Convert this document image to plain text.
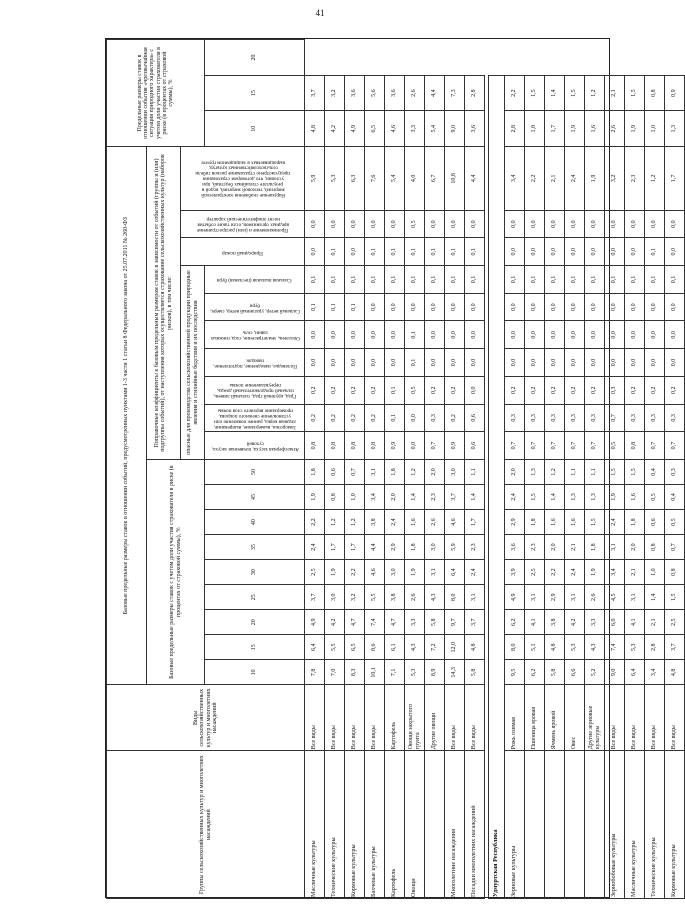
41
Группы сельскохозяйственных культур и многолетних насаждений	Виды сельскохозяйственных культур и многолетних насаждений	Базовые предельные размеры ставок в отношении событий, предусмотренных пунктами 1-3 части 1 статьи 8 Федерального закона от 25.07.2011 № 260-ФЗ																			Предельные размеры ставок в отношении события «чрезвычайная ситуация природного характера» с учетом доли участия страхователя в риске (в процентах от страховой суммы), %		
		Базовые предельные размеры ставок с учетом доли участия страхователя в риске (в процентах от страховой суммы), %									Поправочные коэффициенты к базовым предельным размерам ставок в зависимости от событий (группы и (или) подгруппы событий), от наступления которых осуществляется страхование сельскохозяйственных культур (наборов рисков), в том числе:												
											опасные для производства сельскохозяйственной продукции природные явления и стихийные бедствия и их последствия							Природный пожар	Проникновение и (или) распространение вредных организмов, если такие события носят эпифитотический характер	Нарушение снабжения электрической энергией, тепловой энергией, водой в результате стихийных бедствий, при условии, что договором страхования предусмотрено страхование рисков гибели сельскохозяйственных культур, выращиваемых в защищенном грунте			

		10	15	20	25	30	35	40	45	50	Атмосферная засуха, почвенная засуха, суховей	Заморозки, вымерзание, выпревание, ледяная корка, раннее появление или установление снежного покрова, промерзание верхнего слоя почвы	Град, крупный град, сильный ливень, сильный продолжительный дождь, переувлажнение почвы	Половодье, наводнение, подтопление, паводок	Оползень, землетрясение, сход снежных лавин, сель	Сильный ветер, ураганный ветер, смерч, буря	Сильная пыльная (песчаная) буря				10	15	20
Масличные культуры	Все виды	7,8	6,4	4,9	3,7	2,5	2,4	2,2	1,9	1,8	0,8	0,2	0,2	0,0	0,0	0,1	0,1	0,0	0,0	5,9	4,8	3,7	
Технические культуры	Все виды	7,0	5,5	4,2	3,0	1,9	1,7	1,2	0,8	0,6	0,8	0,2	0,2	0,0	0,0	0,1	0,1	0,1	0,0	5,3	4,2	3,2	
Кормовые культуры	Все виды	8,3	6,5	4,7	3,2	2,2	1,7	1,2	1,0	0,7	0,8	0,2	0,2	0,0	0,0	0,1	0,1	0,0	0,0	6,3	4,9	3,6	
Бахчевые культуры	Все виды	10,1	8,6	7,4	5,5	4,6	4,4	3,8	3,4	3,1	0,8	0,2	0,2	0,0	0,0	0,0	0,1	0,1	0,0	7,6	6,5	5,6	
Картофель	Картофель	7,1	6,1	4,7	3,8	3,0	2,9	2,4	2,0	1,8	0,9	0,1	0,1	0,0	0,0	0,0	0,1	0,1	0,0	5,4	4,6	3,6	
Овощи	Овощи закрытого грунта	5,3	4,3	3,3	2,6	1,9	1,8	1,6	1,4	1,2	0,0	0,0	0,5	0,1	0,1	0,0	0,1	0,1	0,5	4,0	3,3	2,6	
	Другие овощи	8,9	7,2	5,8	4,3	3,1	3,0	2,6	2,3	2,0	0,7	0,3	0,2	0,0	0,0	0,0	0,1	0,1	0,0	6,7	5,4	4,4	
Многолетние насаждения	Все виды	14,3	12,0	9,7	8,0	6,4	5,9	4,6	3,7	3,0	0,9	0,2	0,2	0,0	0,0	0,0	0,1	0,1	0,0	10,8	9,0	7,3	
Посадки многолетних насаждений	Все виды	5,8	4,8	3,7	3,1	2,4	2,3	1,7	1,4	1,1	0,6	0,6	0,0	0,0	0,0	0,0	0,1	0,1	0,0	4,4	3,6	2,8	

Удмуртская Республика																							
Зерновые культуры	Рожь озимая	9,5	8,0	6,2	4,9	3,9	3,6	2,9	2,4	2,0	0,7	0,3	0,2	0,0	0,0	0,0	0,1	0,0	0,0	3,4	2,8	2,2	
	Пшеница яровая	6,2	5,1	4,1	3,1	2,5	2,3	1,8	1,5	1,3	0,7	0,3	0,2	0,0	0,0	0,0	0,1	0,0	0,0	2,2	1,8	1,5	
	Ячмень яровой	5,8	4,8	3,8	2,9	2,2	2,0	1,6	1,4	1,2	0,7	0,3	0,2	0,0	0,0	0,0	0,1	0,0	0,0	2,1	1,7	1,4	
	Овес	6,6	5,3	4,2	3,1	2,4	2,1	1,6	1,3	1,1	0,7	0,3	0,2	0,0	0,0	0,0	0,1	0,0	0,0	2,4	1,9	1,5	
	Другие зерновые культуры	5,2	4,3	3,3	2,6	1,9	1,8	1,5	1,3	1,1	0,7	0,3	0,2	0,0	0,0	0,0	0,1	0,0	0,0	1,9	1,6	1,2	
Зернобобовые культуры	Все виды	9,0	7,4	6,0	4,5	3,4	3,1	2,4	1,9	1,5	0,5	0,7	0,3	0,0	0,0	0,0	0,1	0,0	0,0	3,2	2,6	2,1	
Масличные культуры	Все виды	6,4	5,3	4,1	3,1	2,1	2,0	1,8	1,6	1,5	0,8	0,3	0,2	0,0	0,0	0,0	0,1	0,0	0,0	2,3	1,9	1,5	
Технические культуры	Все виды	3,4	2,8	2,1	1,4	1,0	0,8	0,6	0,5	0,4	0,7	0,3	0,2	0,0	0,0	0,0	0,1	0,1	0,0	1,2	1,0	0,8	
Кормовые культуры	Все виды	4,8	3,7	2,5	1,5	0,8	0,7	0,5	0,4	0,3	0,7	0,3	0,2	0,0	0,0	0,0	0,1	0,0	0,0	1,7	1,3	0,9	
